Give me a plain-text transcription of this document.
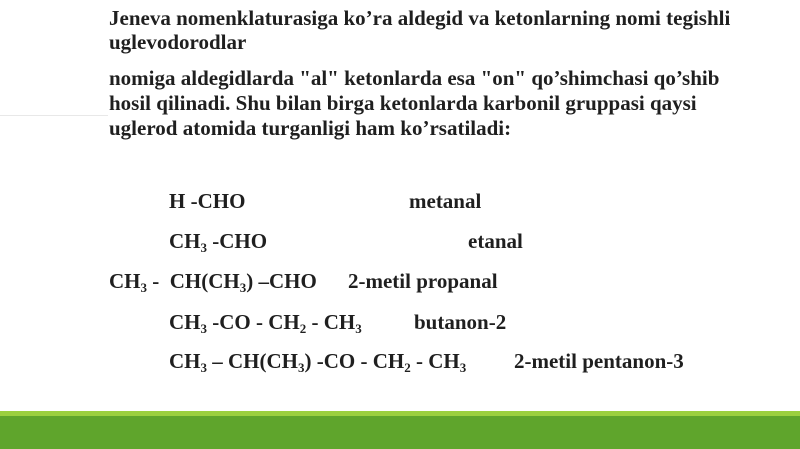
Jeneva nomenklaturasiga ko’ra aldegid va ketonlarning nomi tegishli
uglevodorodlar
nomiga aldegidlarda "al" ketonlarda esa "on" qo’shimchasi qo’shib
hosil qilinadi. Shu bilan birga ketonlarda karbonil gruppasi qaysi
uglerod atomida turganligi ham ko’rsatiladi:
H -CHO	metanal
$CH_3$ -CHO	etanal
$CH_3 - CH(CH_3)$ –CHO 2-metil propanal
$CH_3$ $-CO - CH_2 - CH_3$ butanon-2
$CH_3 - CH(CH_3)$ $-CO - CH_2 - CH_3$ 2-metil pentanon-3
